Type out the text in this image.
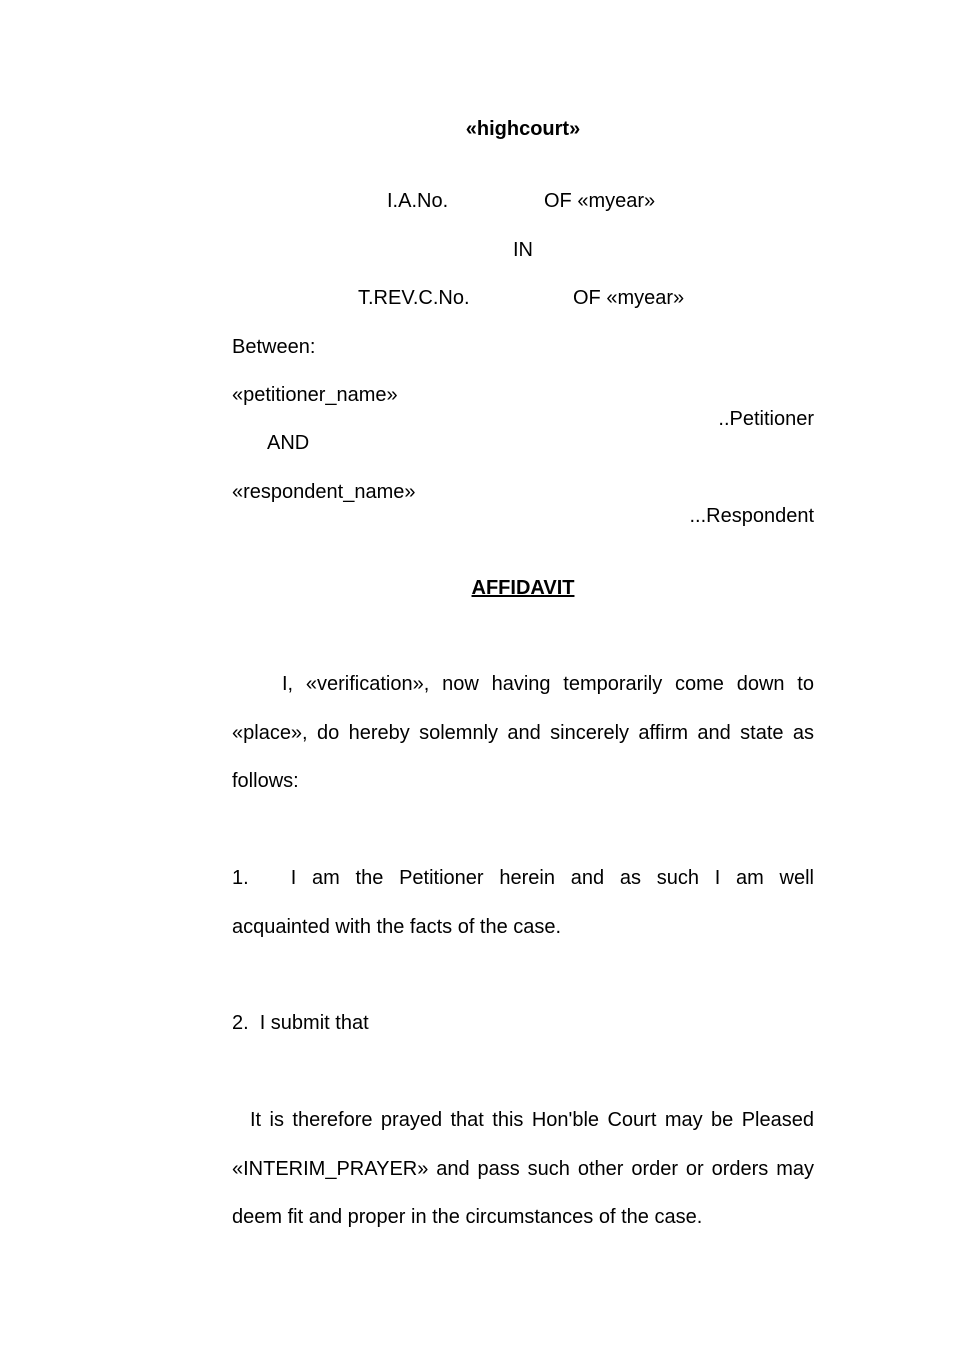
«highcourt»
I.A.No.	OF «myear»
IN
T.REV.C.No.	OF «myear»
Between:
«petitioner_name»
..Petitioner
AND
«respondent_name»
...Respondent
AFFIDAVIT

I, «verification», now having temporarily come down to «place», do hereby solemnly and sincerely affirm and state as follows:

1. I am the Petitioner herein and as such I am well acquainted with the facts of the case.

2. I submit that

It is therefore prayed that this Hon'ble Court may be Pleased «INTERIM_PRAYER» and pass such other order or orders may deem fit and proper in the circumstances of the case.
